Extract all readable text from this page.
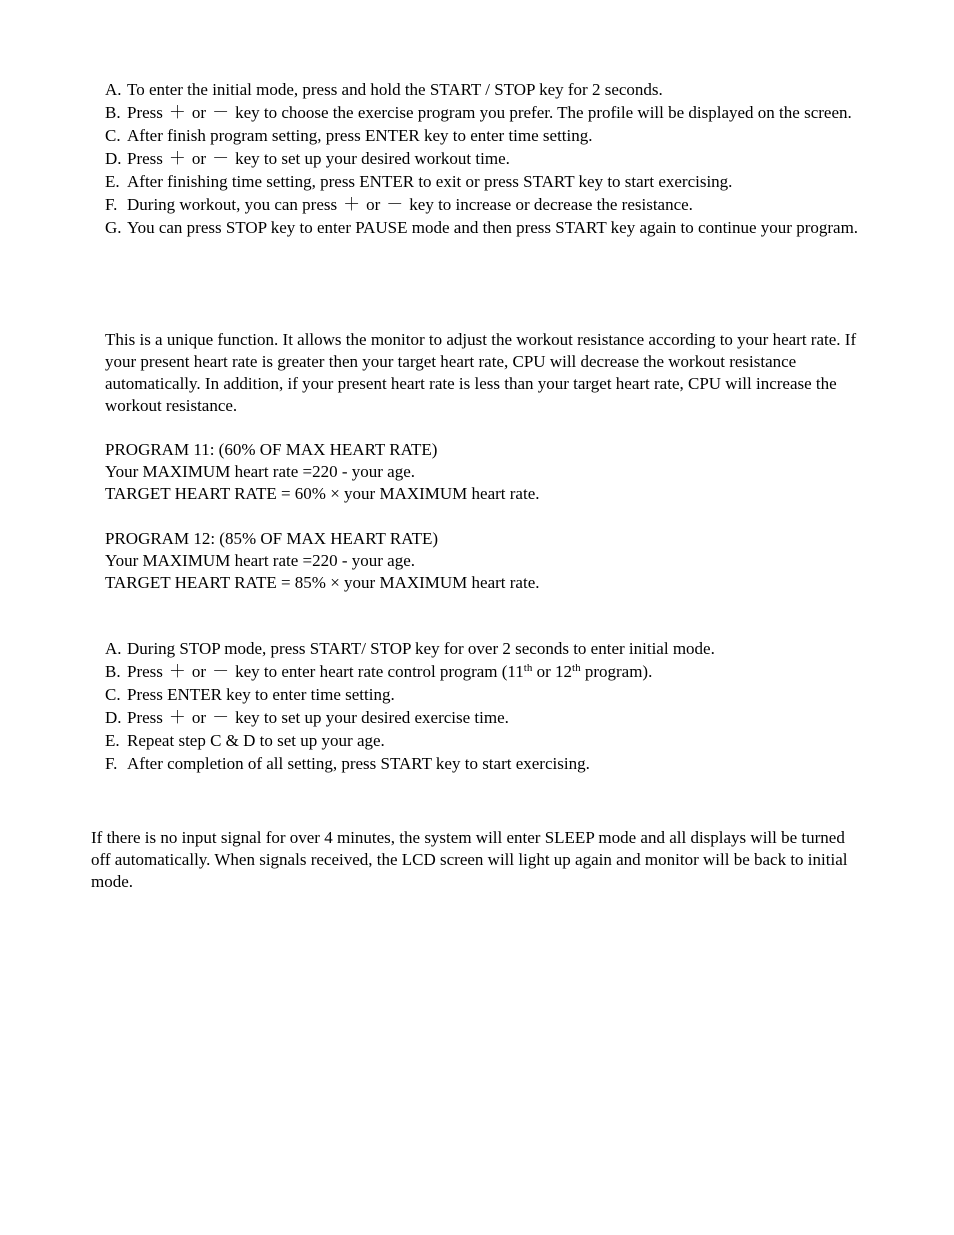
A. To enter the initial mode, press and hold the START / STOP key for 2 seconds.
B. Press ＋ or － key to choose the exercise program you prefer. The profile will be displayed on the screen.
C. After finish program setting, press ENTER key to enter time setting.
D. Press ＋ or － key to set up your desired workout time.
E. After finishing time setting, press ENTER to exit or press START key to start exercising.
F. During workout, you can press ＋ or － key to increase or decrease the resistance.
G. You can press STOP key to enter PAUSE mode and then press START key again to continue your program.

This is a unique function. It allows the monitor to adjust the workout resistance according to your heart rate. If your present heart rate is greater then your target heart rate, CPU will decrease the workout resistance automatically. In addition, if your present heart rate is less than your target heart rate, CPU will increase the workout resistance.

PROGRAM 11: (60% OF MAX HEART RATE)
Your MAXIMUM heart rate =220 - your age.
TARGET HEART RATE = 60% × your MAXIMUM heart rate.
PROGRAM 12: (85% OF MAX HEART RATE)
Your MAXIMUM heart rate =220 - your age.
TARGET HEART RATE = 85% × your MAXIMUM heart rate.
A. During STOP mode, press START/ STOP key for over 2 seconds to enter initial mode.
B. Press ＋ or － key to enter heart rate control program (11th or 12th program).
C. Press ENTER key to enter time setting.
D. Press ＋ or － key to set up your desired exercise time.
E. Repeat step C & D to set up your age.
F. After completion of all setting, press START key to start exercising.

If there is no input signal for over 4 minutes, the system will enter SLEEP mode and all displays will be turned off automatically. When signals received, the LCD screen will light up again and monitor will be back to initial mode.
